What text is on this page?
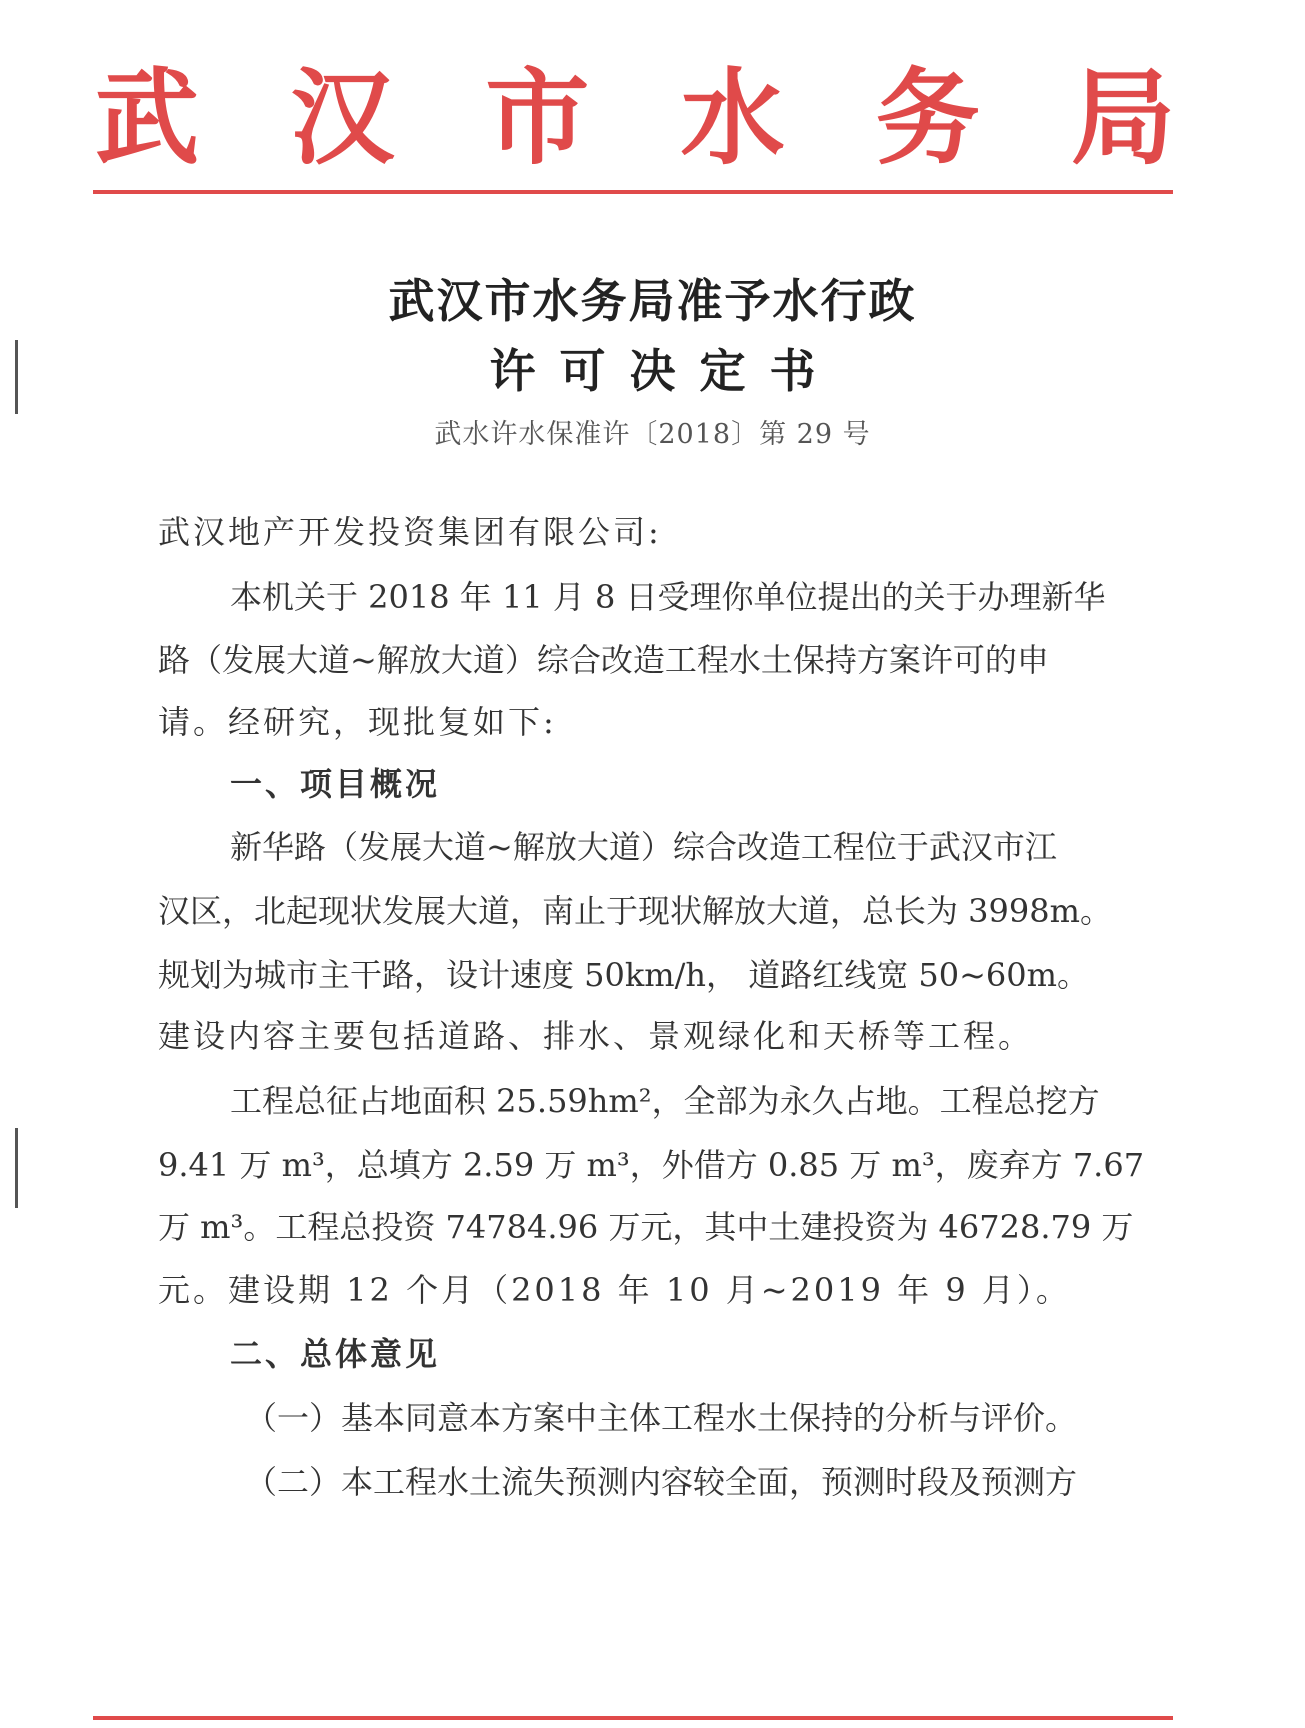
武 汉 市 水 务 局
武汉市水务局准予水行政
许可决定书
武水许水保准许〔2018〕第 29 号
武汉地产开发投资集团有限公司:
本机关于 2018 年 11 月 8 日受理你单位提出的关于办理新华
路（发展大道~解放大道）综合改造工程水土保持方案许可的申
请。经研究，现批复如下:
一、项目概况
新华路（发展大道~解放大道）综合改造工程位于武汉市江
汉区，北起现状发展大道，南止于现状解放大道，总长为 3998m。
规划为城市主干路，设计速度 50km/h， 道路红线宽 50~60m。
建设内容主要包括道路、排水、景观绿化和天桥等工程。
工程总征占地面积 25.59hm²，全部为永久占地。工程总挖方
9.41 万 m³，总填方 2.59 万 m³，外借方 0.85 万 m³，废弃方 7.67
万 m³。工程总投资 74784.96 万元，其中土建投资为 46728.79 万
元。建设期 12 个月（2018 年 10 月~2019 年 9 月）。
二、总体意见
（一）基本同意本方案中主体工程水土保持的分析与评价。
（二）本工程水土流失预测内容较全面，预测时段及预测方
